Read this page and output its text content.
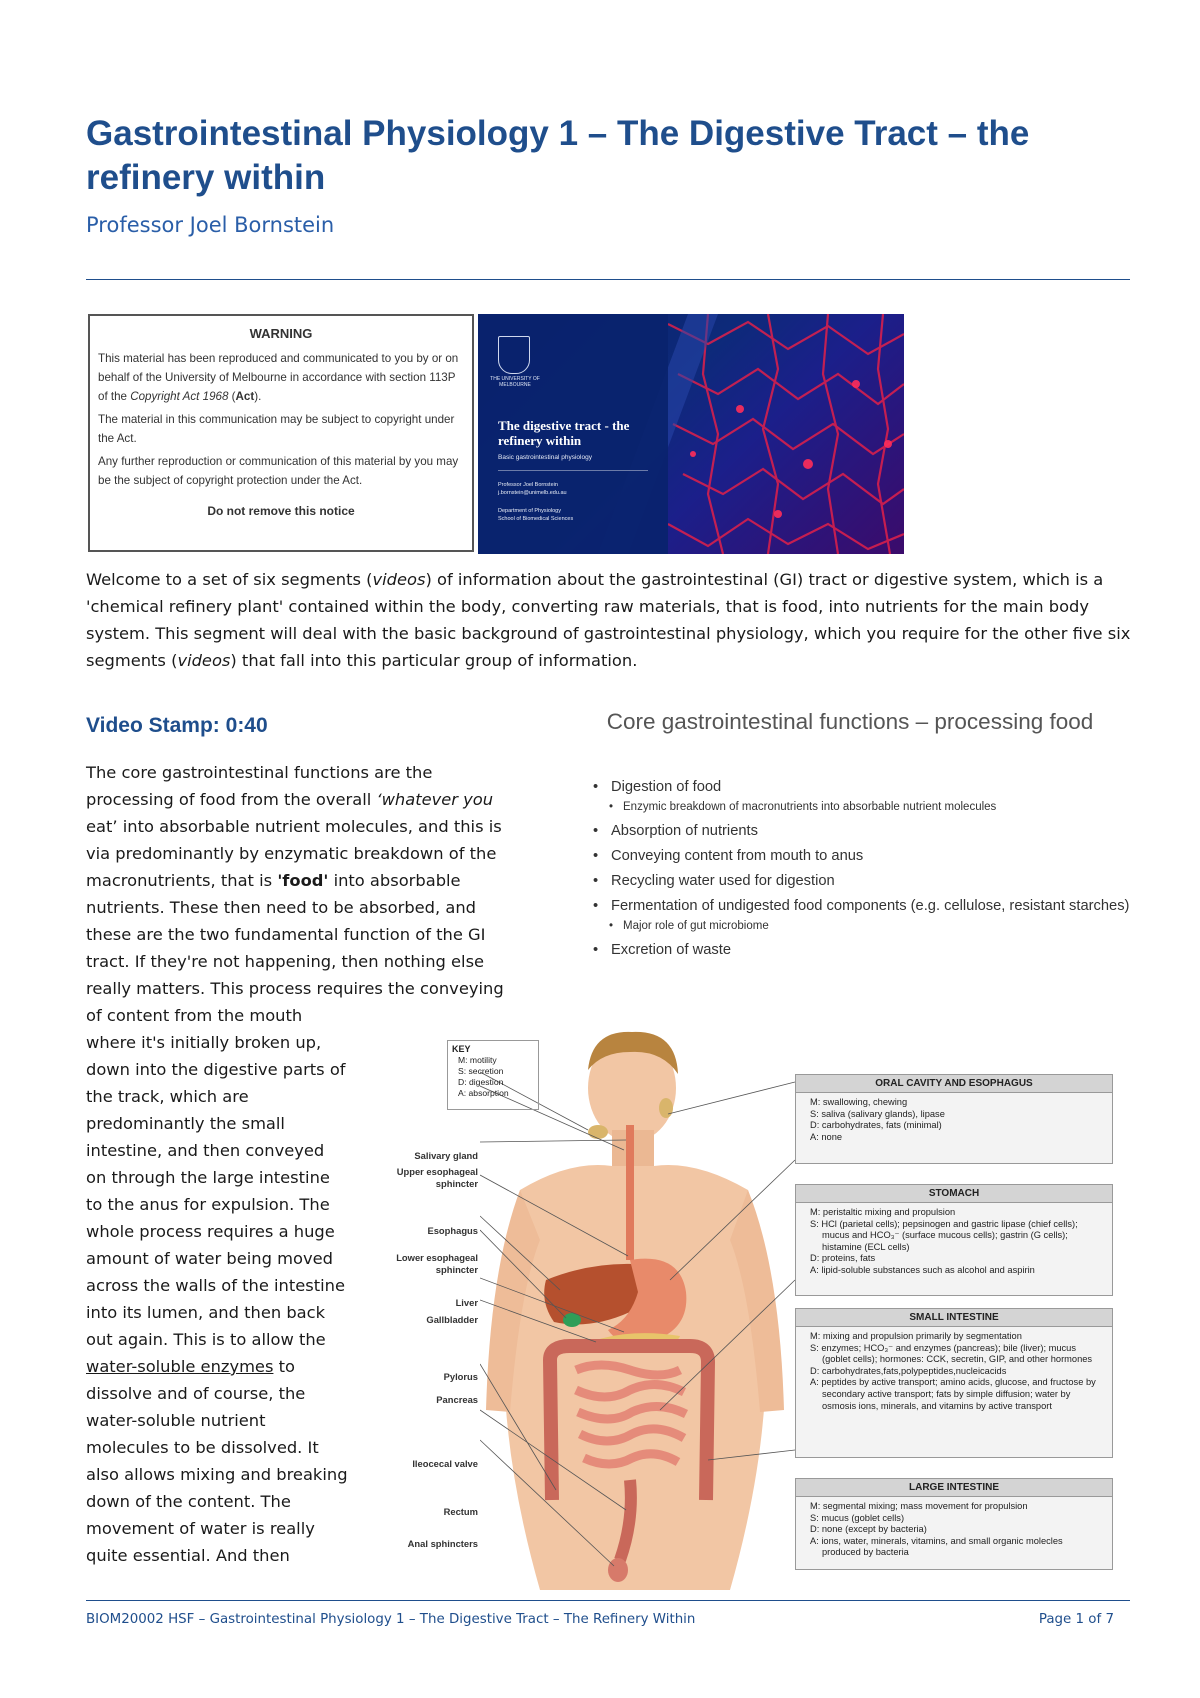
Gastrointestinal Physiology 1 – The Digestive Tract – the refinery within
Professor Joel Bornstein
WARNING

This material has been reproduced and communicated to you by or on behalf of the University of Melbourne in accordance with section 113P of the Copyright Act 1968 (Act).

The material in this communication may be subject to copyright under the Act.

Any further reproduction or communication of this material by you may be the subject of copyright protection under the Act.

Do not remove this notice
THE UNIVERSITY OF MELBOURNE
The digestive tract - the refinery within
Basic gastrointestinal physiology
Professor Joel Bornstein
j.bornstein@unimelb.edu.au
Department of Physiology
School of Biomedical Sciences

Welcome to a set of six segments (videos) of information about the gastrointestinal (GI) tract or digestive system, which is a 'chemical refinery plant' contained within the body, converting raw materials, that is food, into nutrients for the main body system. This segment will deal with the basic background of gastrointestinal physiology, which you require for the other five six segments (videos) that fall into this particular group of information.

Video Stamp: 0:40
The core gastrointestinal functions are the
processing of food from the overall ‘whatever you
eat’ into absorbable nutrient molecules, and this is
via predominantly by enzymatic breakdown of the
macronutrients, that is 'food' into absorbable
nutrients. These then need to be absorbed, and
these are the two fundamental function of the GI
tract. If they're not happening, then nothing else
really matters. This process requires the conveying
of content from the mouth
where it's initially broken up,
down into the digestive parts of
the track, which are
predominantly the small
intestine, and then conveyed
on through the large intestine
to the anus for expulsion. The
whole process requires a huge
amount of water being moved
across the walls of the intestine
into its lumen, and then back
out again. This is to allow the
water-soluble enzymes to
dissolve and of course, the
water-soluble nutrient
molecules to be dissolved. It
also allows mixing and breaking
down of the content. The
movement of water is really
quite essential. And then
Core gastrointestinal functions – processing food
• Digestion of food
• Enzymic breakdown of macronutrients into absorbable nutrient molecules
• Absorption of nutrients
• Conveying content from mouth to anus
• Recycling water used for digestion
• Fermentation of undigested food components (e.g. cellulose, resistant starches)
• Major role of gut microbiome
• Excretion of waste
KEY
M: motility
S: secretion
D: digestion
A: absorption
Salivary gland
Upper esophageal sphincter
Esophagus
Lower esophageal sphincter
Liver
Gallbladder
Pylorus
Pancreas
Ileocecal valve
Rectum
Anal sphincters
ORAL CAVITY AND ESOPHAGUS
M: swallowing, chewing
S: saliva (salivary glands), lipase
D: carbohydrates, fats (minimal)
A: none
STOMACH
M: peristaltic mixing and propulsion
S: HCl (parietal cells); pepsinogen and gastric lipase (chief cells); mucus and HCO₃⁻ (surface mucous cells); gastrin (G cells); histamine (ECL cells)
D: proteins, fats
A: lipid-soluble substances such as alcohol and aspirin
SMALL INTESTINE
M: mixing and propulsion primarily by segmentation
S: enzymes; HCO₃⁻ and enzymes (pancreas); bile (liver); mucus (goblet cells); hormones: CCK, secretin, GIP, and other hormones
D: carbohydrates,fats,polypeptides,nucleicacids
A: peptides by active transport; amino acids, glucose, and fructose by secondary active transport; fats by simple diffusion; water by osmosis ions, minerals, and vitamins by active transport
LARGE INTESTINE
M: segmental mixing; mass movement for propulsion
S: mucus (goblet cells)
D: none (except by bacteria)
A: ions, water, minerals, vitamins, and small organic molecles produced by bacteria
BIOM20002 HSF – Gastrointestinal Physiology 1 – The Digestive Tract – The Refinery Within	Page 1 of 7
